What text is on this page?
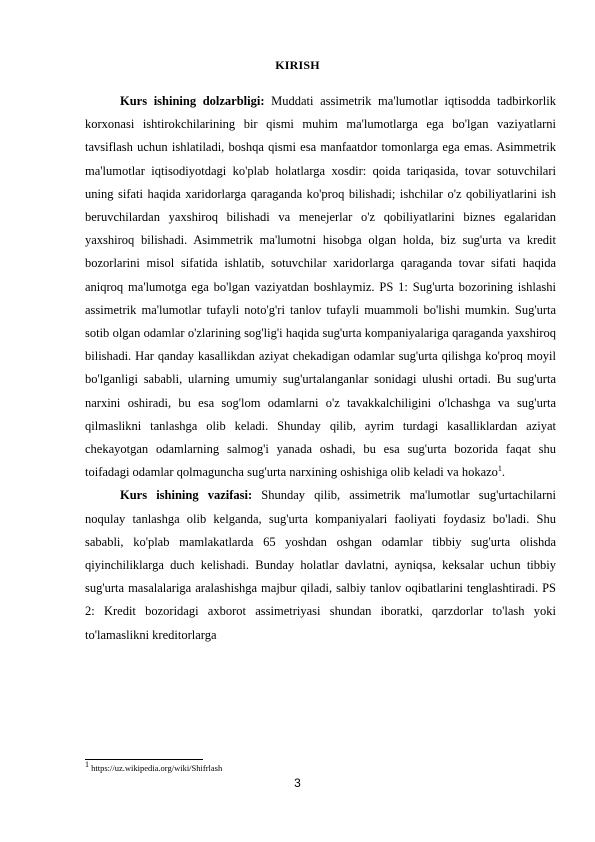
KIRISH

Kurs ishining dolzarbligi: Muddati assimetrik ma'lumotlar iqtisodda tadbirkorlik korxonasi ishtirokchilarining bir qismi muhim ma'lumotlarga ega bo'lgan vaziyatlarni tavsiflash uchun ishlatiladi, boshqa qismi esa manfaatdor tomonlarga ega emas. Asimmetrik ma'lumotlar iqtisodiyotdagi ko'plab holatlarga xosdir: qoida tariqasida, tovar sotuvchilari uning sifati haqida xaridorlarga qaraganda ko'proq bilishadi; ishchilar o'z qobiliyatlarini ish beruvchilardan yaxshiroq bilishadi va menejerlar o'z qobiliyatlarini biznes egalaridan yaxshiroq bilishadi. Asimmetrik ma'lumotni hisobga olgan holda, biz sug'urta va kredit bozorlarini misol sifatida ishlatib, sotuvchilar xaridorlarga qaraganda tovar sifati haqida aniqroq ma'lumotga ega bo'lgan vaziyatdan boshlaymiz. PS 1: Sug'urta bozorining ishlashi assimetrik ma'lumotlar tufayli noto'g'ri tanlov tufayli muammoli bo'lishi mumkin. Sug'urta sotib olgan odamlar o'zlarining sog'lig'i haqida sug'urta kompaniyalariga qaraganda yaxshiroq bilishadi. Har qanday kasallikdan aziyat chekadigan odamlar sug'urta qilishga ko'proq moyil bo'lganligi sababli, ularning umumiy sug'urtalanganlar sonidagi ulushi ortadi. Bu sug'urta narxini oshiradi, bu esa sog'lom odamlarni o'z tavakkalchiligini o'lchashga va sug'urta qilmaslikni tanlashga olib keladi. Shunday qilib, ayrim turdagi kasalliklardan aziyat chekayotgan odamlarning salmog'i yanada oshadi, bu esa sug'urta bozorida faqat shu toifadagi odamlar qolmaguncha sug'urta narxining oshishiga olib keladi va hokazo$^1$.

Kurs ishining vazifasi: Shunday qilib, assimetrik ma'lumotlar sug'urtachilarni noqulay tanlashga olib kelganda, sug'urta kompaniyalari faoliyati foydasiz bo'ladi. Shu sababli, ko'plab mamlakatlarda 65 yoshdan oshgan odamlar tibbiy sug'urta olishda qiyinchiliklarga duch kelishadi. Bunday holatlar davlatni, ayniqsa, keksalar uchun tibbiy sug'urta masalalariga aralashishga majbur qiladi, salbiy tanlov oqibatlarini tenglashtiradi. PS 2: Kredit bozoridagi axborot assimetriyasi shundan iboratki, qarzdorlar to'lash yoki to'lamaslikni kreditorlarga

$^1$ https://uz.wikipedia.org/wiki/Shifrlash
3
